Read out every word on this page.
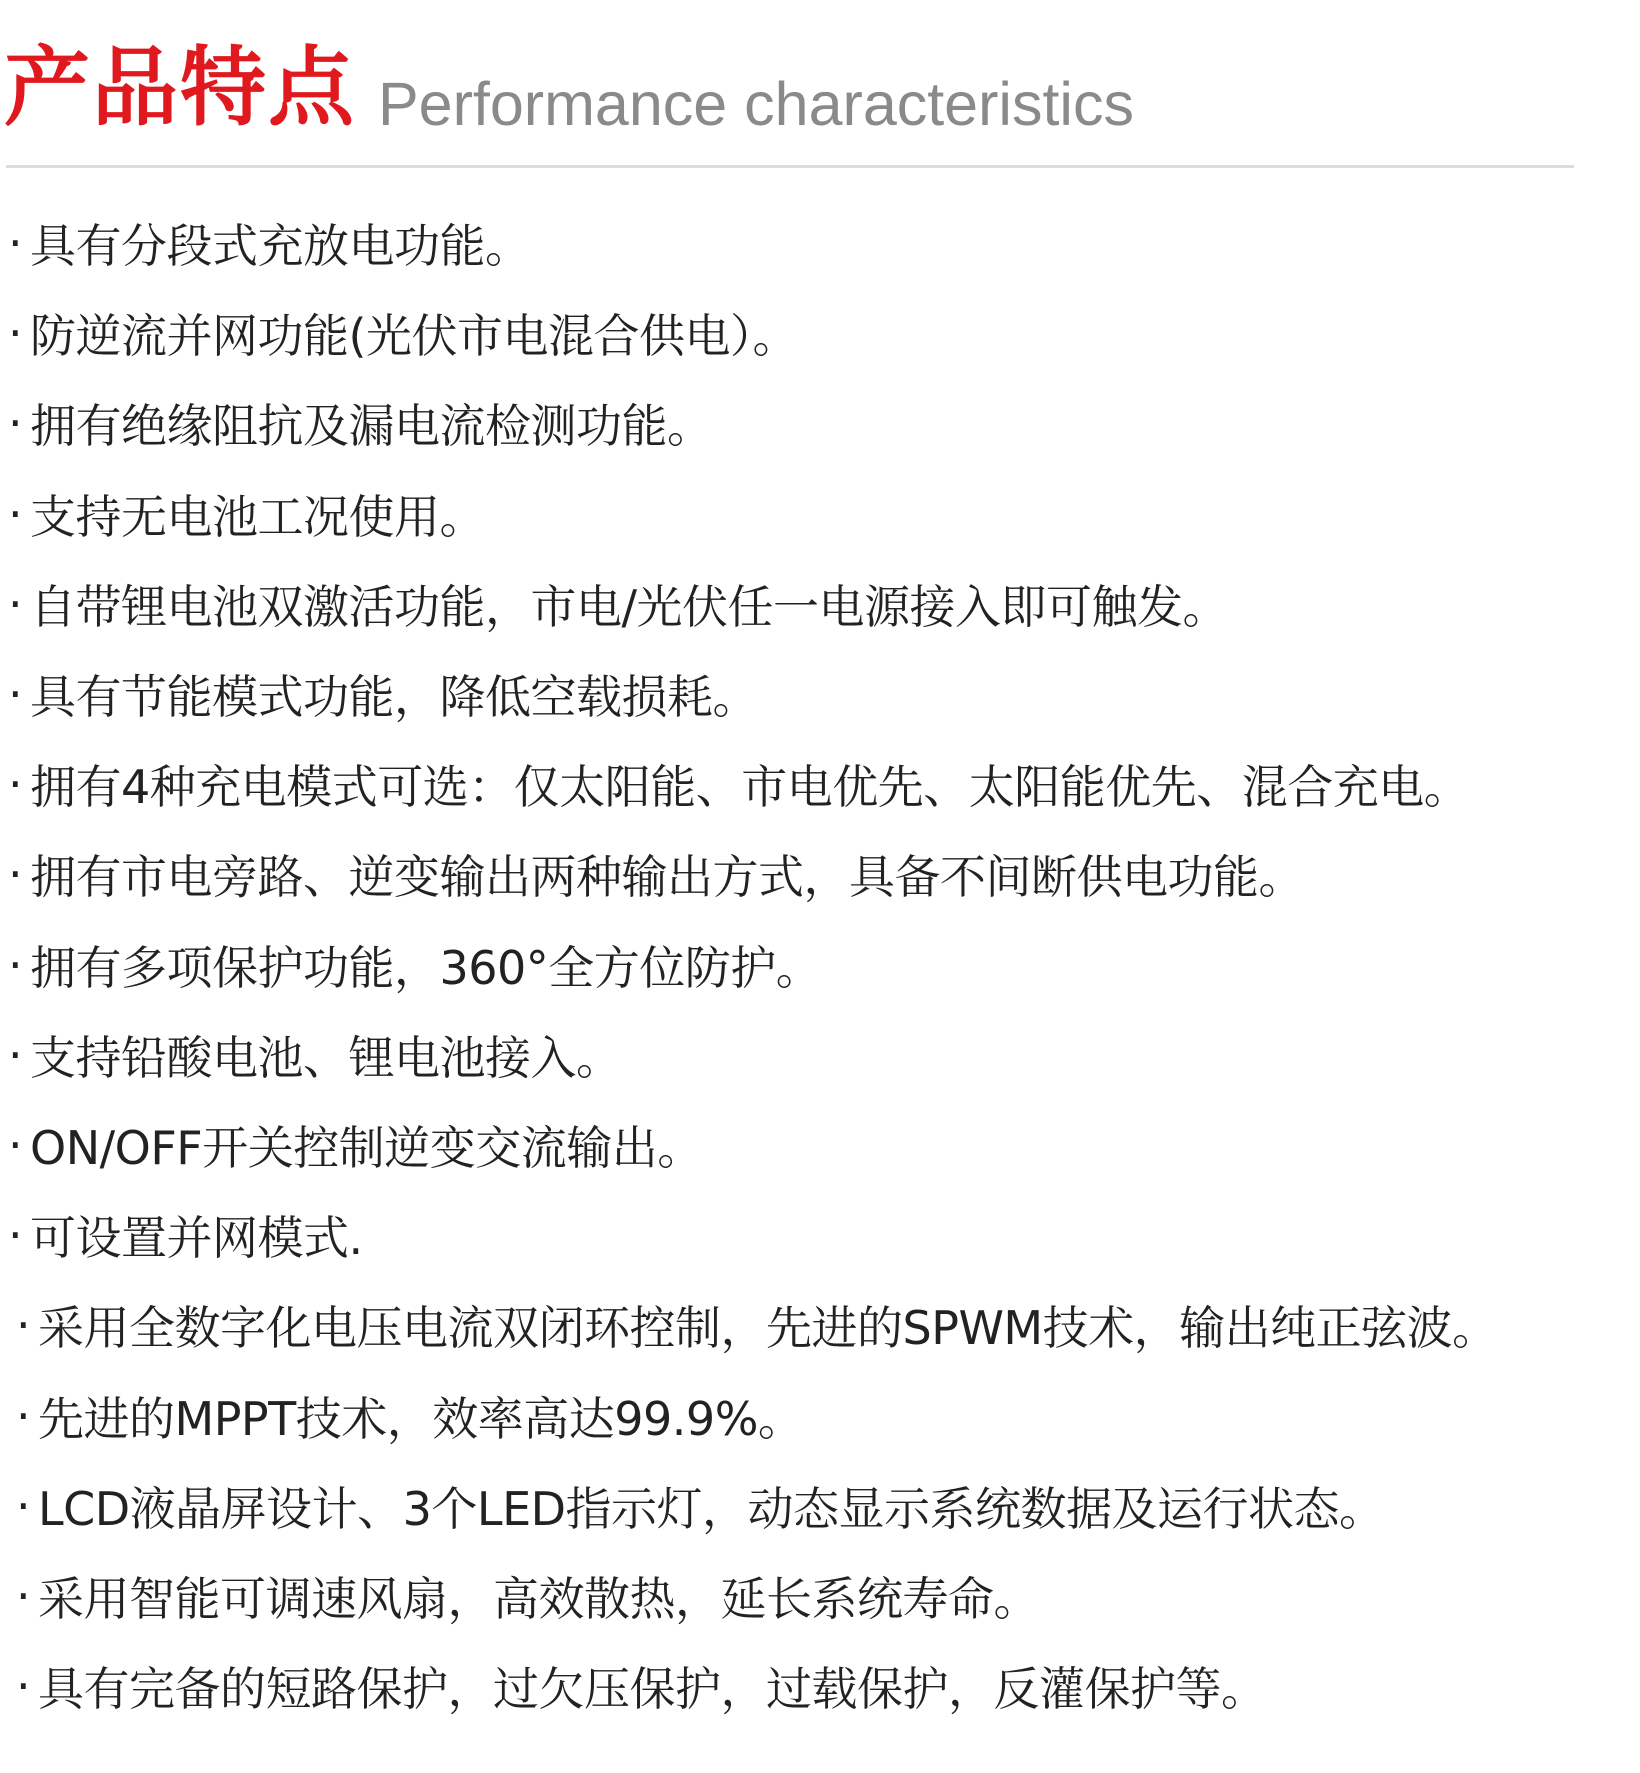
产品特点 Performance characteristics
· 具有分段式充放电功能。
· 防逆流并网功能(光伏市电混合供电）。
· 拥有绝缘阻抗及漏电流检测功能。
· 支持无电池工况使用。
· 自带锂电池双激活功能，市电/光伏任一电源接入即可触发。
· 具有节能模式功能，降低空载损耗。
· 拥有4种充电模式可选：仅太阳能、市电优先、太阳能优先、混合充电。
· 拥有市电旁路、逆变输出两种输出方式，具备不间断供电功能。
· 拥有多项保护功能，360°全方位防护。
· 支持铅酸电池、锂电池接入。
· ON/OFF开关控制逆变交流输出。
· 可设置并网模式.
· 采用全数字化电压电流双闭环控制，先进的SPWM技术，输出纯正弦波。
· 先进的MPPT技术，效率高达99.9%。
· LCD液晶屏设计、3个LED指示灯，动态显示系统数据及运行状态。
· 采用智能可调速风扇，高效散热，延长系统寿命。
· 具有完备的短路保护，过欠压保护，过载保护，反灌保护等。
